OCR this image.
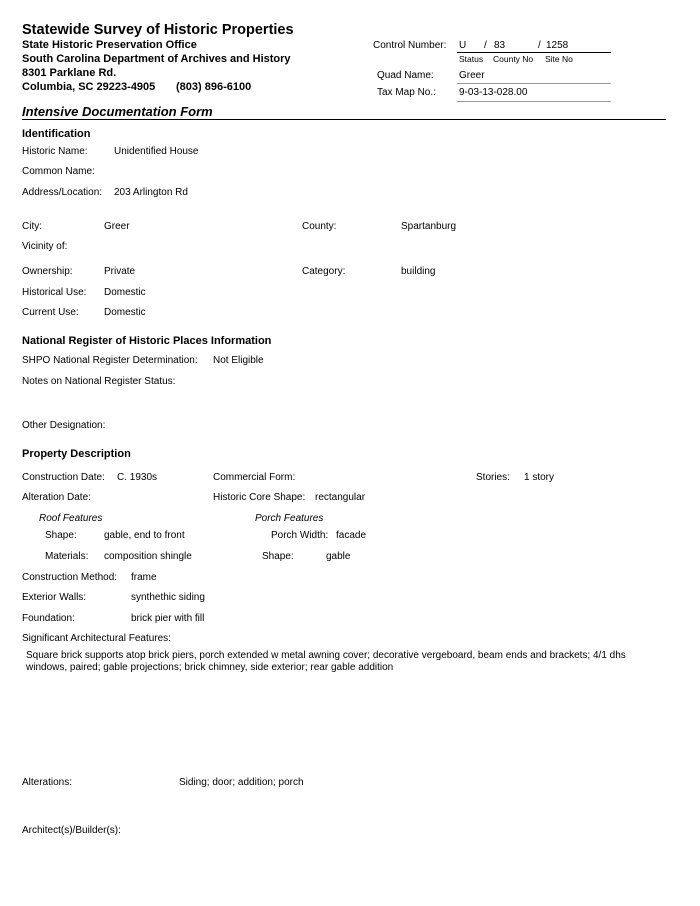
Statewide Survey of Historic Properties
State Historic Preservation Office
South Carolina Department of Archives and History
8301 Parklane Rd.
Columbia, SC 29223-4905 (803) 896-6100
Control Number: U / 83	/ 1258
Status County No Site No
Quad Name:	Greer
Tax Map No.: 9-03-13-028.00
Intensive Documentation Form
Identification
Historic Name:	Unidentified House
Common Name:
Address/Location: 203 Arlington Rd
City:	Greer	County:	Spartanburg
Vicinity of:
Ownership:	Private	Category:	building
Historical Use: Domestic
Current Use:	Domestic
National Register of Historic Places Information
SHPO National Register Determination: Not Eligible
Notes on National Register Status:
Other Designation:
Property Description
Construction Date: C. 1930s	Commercial Form:	Stories: 1 story
Alteration Date:	Historic Core Shape: rectangular
Roof Features	Porch Features
Shape:	gable, end to front	Porch Width: facade
Materials: composition shingle	Shape:	gable
Construction Method: frame
Exterior Walls:	synthethic siding
Foundation:	brick pier with fill
Significant Architectural Features:
Square brick supports atop brick piers, porch extended w metal awning cover; decorative vergeboard, beam ends and brackets; 4/1 dhs windows, paired; gable projections; brick chimney, side exterior; rear gable addition
Alterations:	Siding; door; addition; porch
Architect(s)/Builder(s):
